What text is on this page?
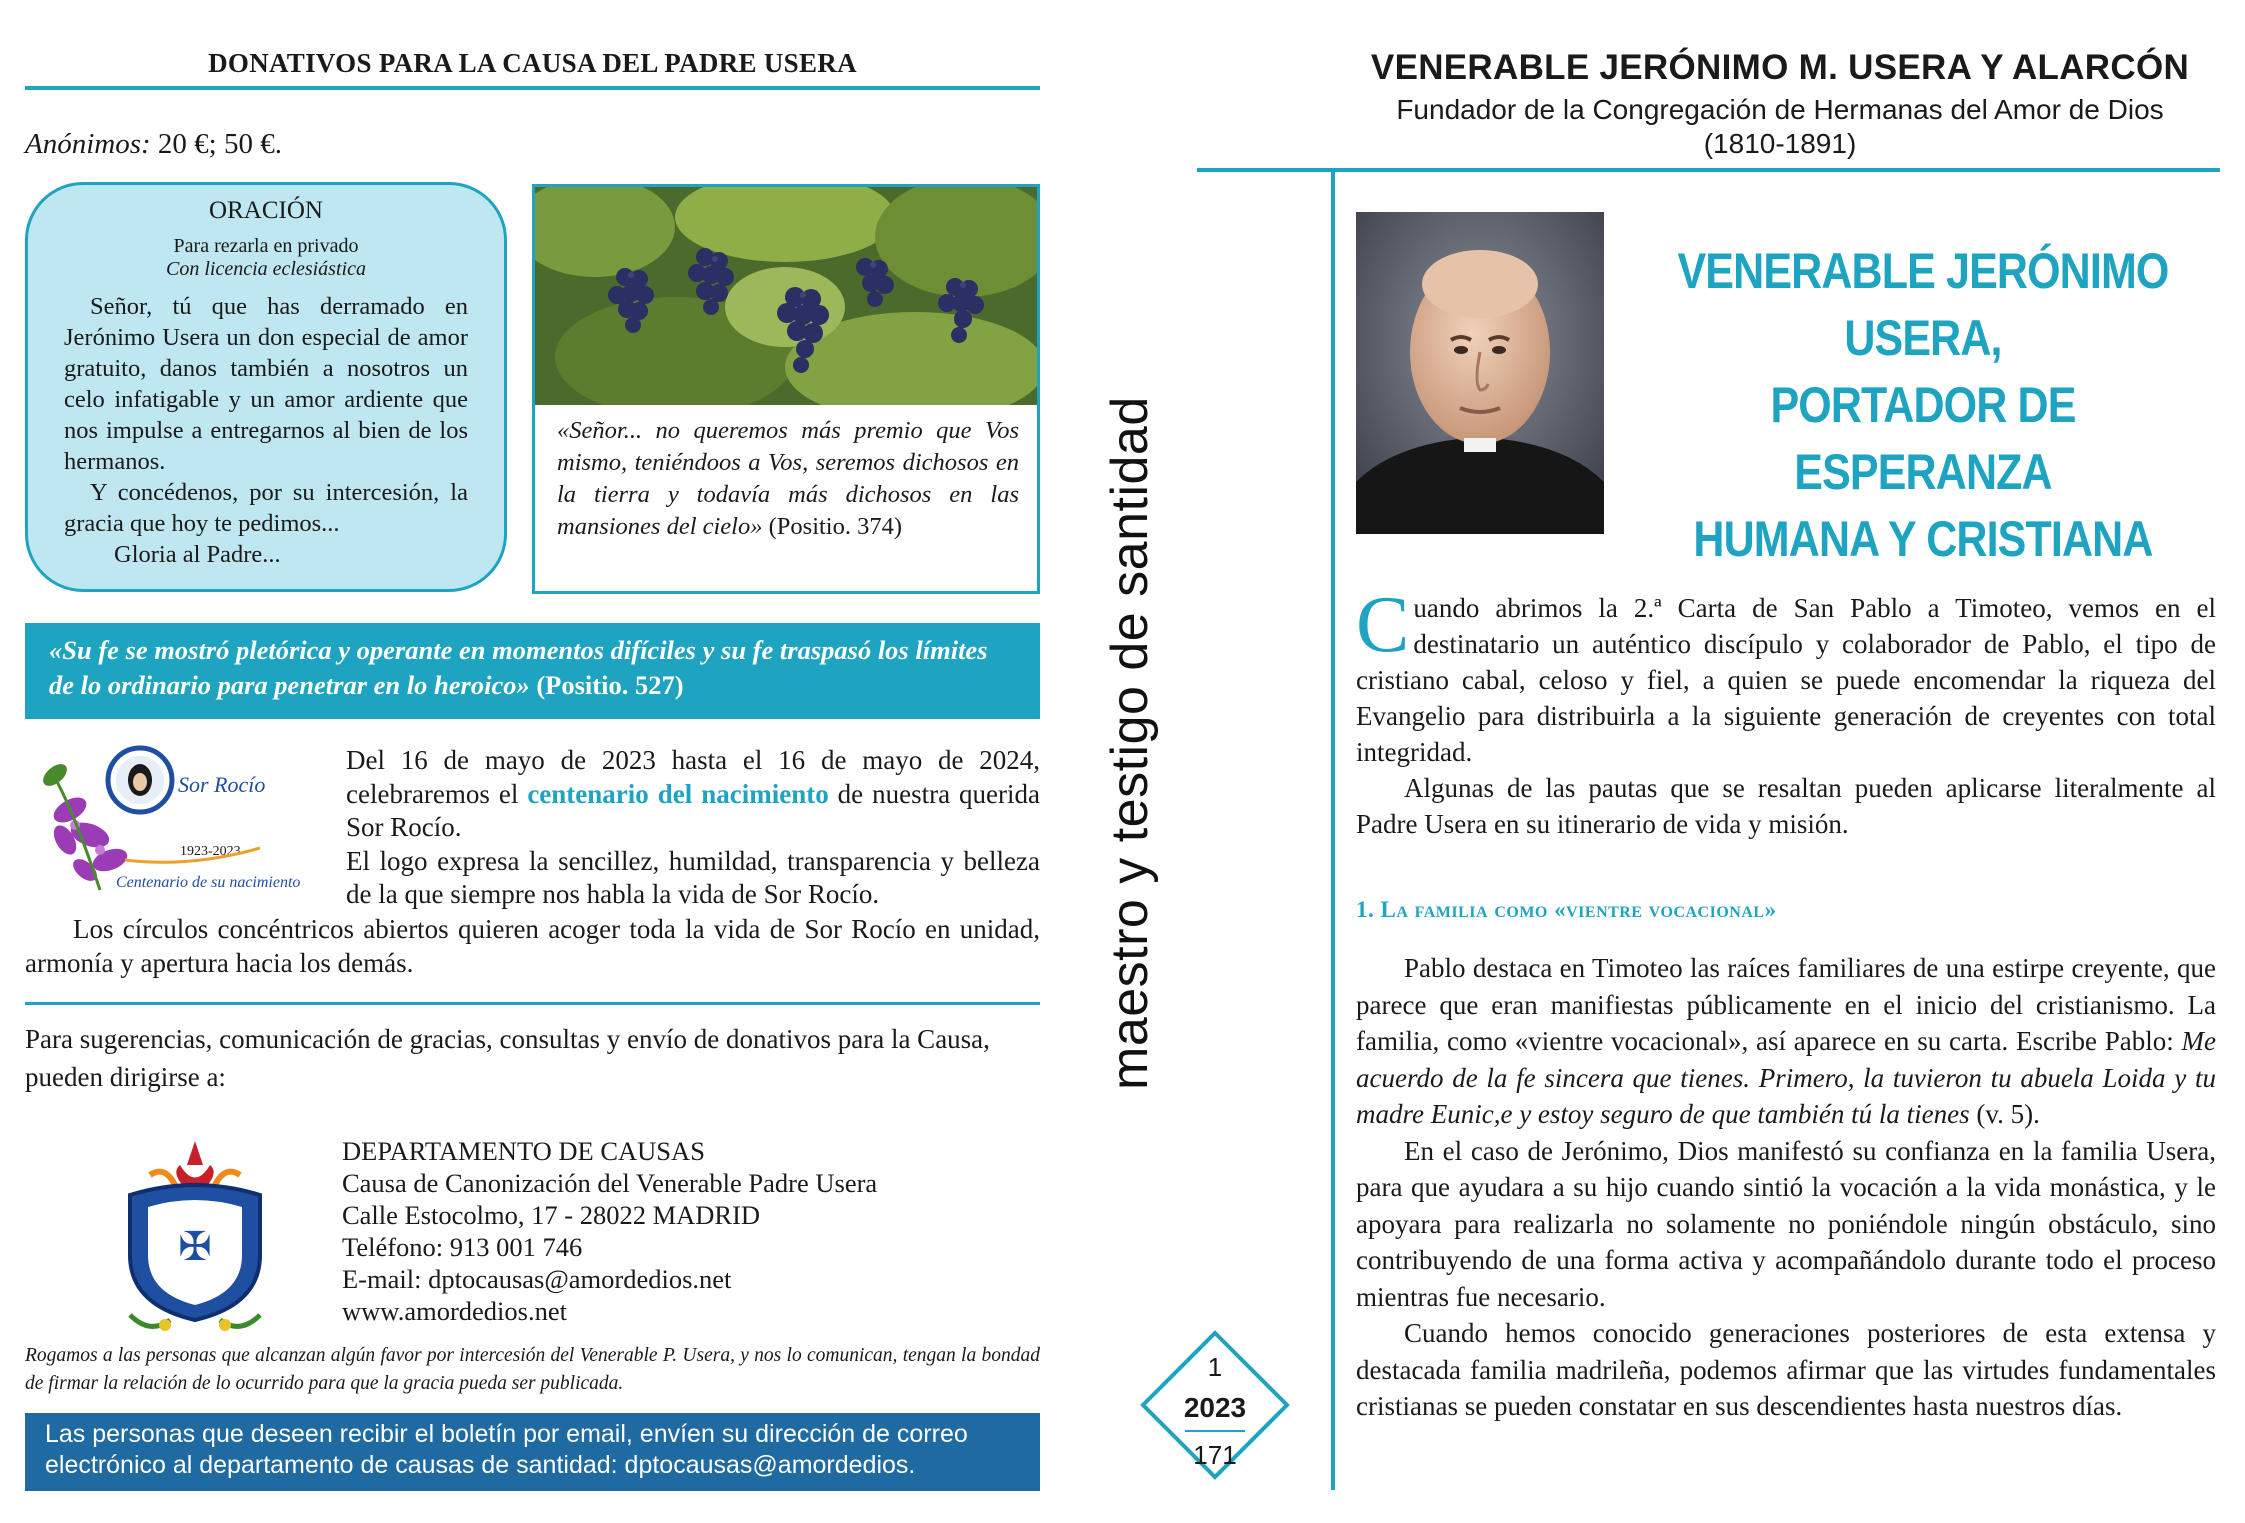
DONATIVOS PARA LA CAUSA DEL PADRE USERA
Anónimos: 20 €; 50 €.
ORACIÓN
Para rezarla en privado
Con licencia eclesiástica

Señor, tú que has derramado en Jerónimo Usera un don especial de amor gratuito, danos también a nosotros un celo infatigable y un amor ardiente que nos impulse a entregarnos al bien de los hermanos.

Y concédenos, por su intercesión, la gracia que hoy te pedimos...

Gloria al Padre...
«Señor... no queremos más premio que Vos mismo, teniéndoos a Vos, seremos dichosos en la tierra y todavía más dichosos en las mansiones del cielo» (Positio. 374)
«Su fe se mostró pletórica y operante en momentos difíciles y su fe traspasó los límites de lo ordinario para penetrar en lo heroico» (Positio. 527)
Sor Rocío
1923-2023
Centenario de su nacimiento
Del 16 de mayo de 2023 hasta el 16 de mayo de 2024, celebraremos el centenario del nacimiento de nuestra querida Sor Rocío.
El logo expresa la sencillez, humildad, transparencia y belleza de la que siempre nos habla la vida de Sor Rocío.
Los círculos concéntricos abiertos quieren acoger toda la vida de Sor Rocío en unidad, armonía y apertura hacia los demás.
Para sugerencias, comunicación de gracias, consultas y envío de donativos para la Causa, pueden dirigirse a:
✠
DEPARTAMENTO DE CAUSAS
Causa de Canonización del Venerable Padre Usera
Calle Estocolmo, 17 - 28022 MADRID
Teléfono: 913 001 746
E-mail: dptocausas@amordedios.net
www.amordedios.net
Rogamos a las personas que alcanzan algún favor por intercesión del Venerable P. Usera, y nos lo comunican, tengan la bondad de firmar la relación de lo ocurrido para que la gracia pueda ser publicada.
Las personas que deseen recibir el boletín por email, envíen su dirección de correo electrónico al departamento de causas de santidad: dptocausas@amordedios.
maestro y testigo de santidad
1
2023
171
VENERABLE JERÓNIMO M. USERA Y ALARCÓN
Fundador de la Congregación de Hermanas del Amor de Dios
(1810-1891)
VENERABLE JERÓNIMO USERA,
PORTADOR DE ESPERANZA
HUMANA Y CRISTIANA

Cuando abrimos la 2.ª Carta de San Pablo a Timoteo, vemos en el destinatario un auténtico discípulo y colaborador de Pablo, el tipo de cristiano cabal, celoso y fiel, a quien se puede encomendar la riqueza del Evangelio para distribuirla a la siguiente generación de creyentes con total integridad.

Algunas de las pautas que se resaltan pueden aplicarse literalmente al Padre Usera en su itinerario de vida y misión.

1. La familia como «vientre vocacional»

Pablo destaca en Timoteo las raíces familiares de una estirpe creyente, que parece que eran manifiestas públicamente en el inicio del cristianismo. La familia, como «vientre vocacional», así aparece en su carta. Escribe Pablo: Me acuerdo de la fe sincera que tienes. Primero, la tuvieron tu abuela Loida y tu madre Eunic,e y estoy seguro de que también tú la tienes (v. 5).

En el caso de Jerónimo, Dios manifestó su confianza en la familia Usera, para que ayudara a su hijo cuando sintió la vocación a la vida monástica, y le apoyara para realizarla no solamente no poniéndole ningún obstáculo, sino contribuyendo de una forma activa y acompañándolo durante todo el proceso mientras fue necesario.

Cuando hemos conocido generaciones posteriores de esta extensa y destacada familia madrileña, podemos afirmar que las virtudes fundamentales cristianas se pueden constatar en sus descendientes hasta nuestros días.
